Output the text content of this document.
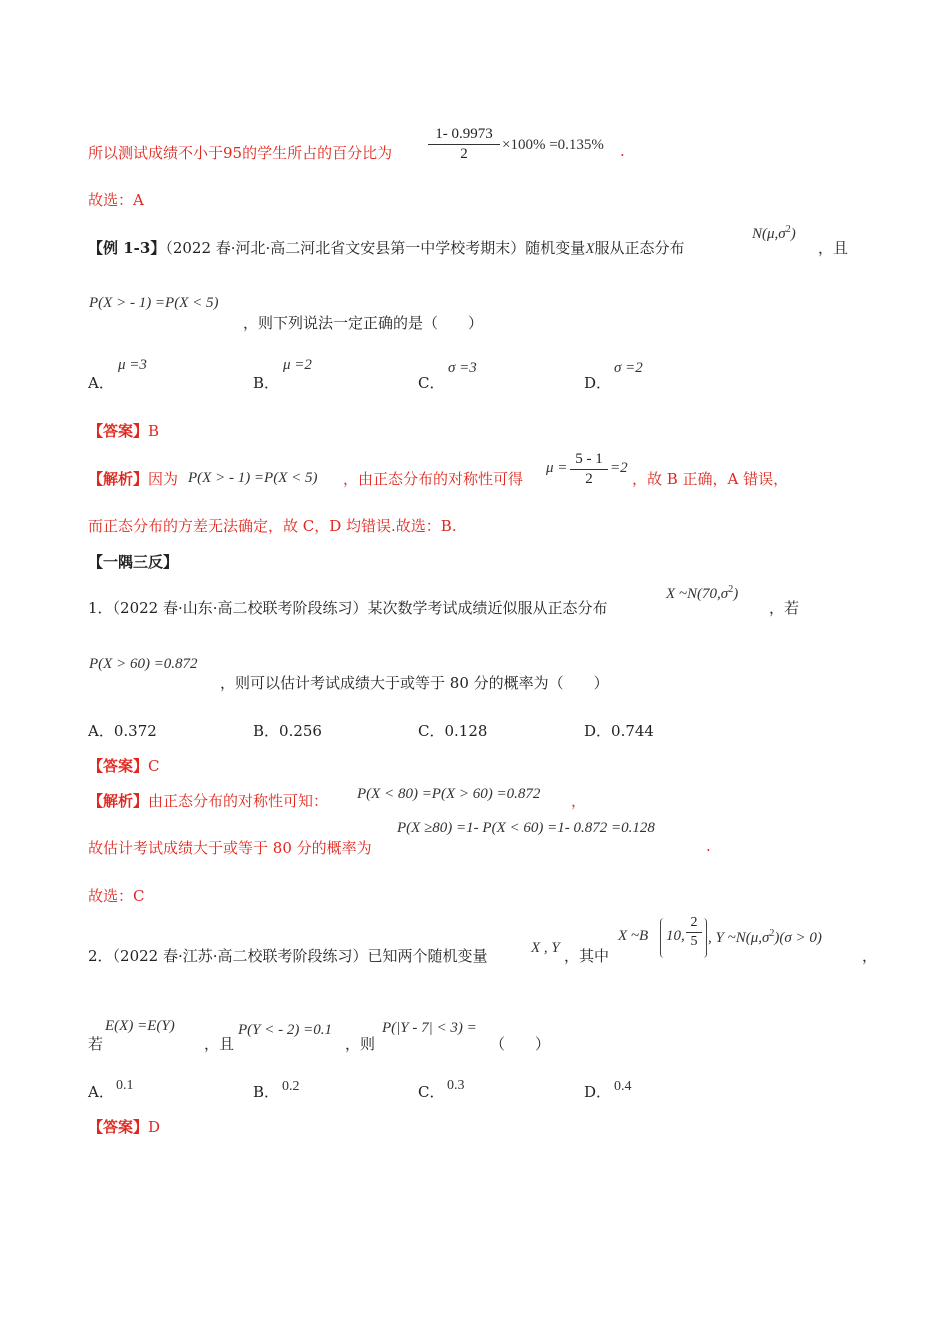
所以测试成绩不小于95的学生所占的百分比为 $\frac{1- 0.9973}{2} \times 100\% =0.135\%$ .
故选：A
【例 1-3】（2022 春·河北·高二河北省文安县第一中学校考期末）随机变量X服从正态分布
$N(\mu,\sigma^2)$
，且
P(X > - 1) =P(X < 5)
，则下列说法一定正确的是（　　）
A．
μ =3
B．
μ =2
C．
σ =3
D．
σ =2
【答案】B
【解析】因为 P(X > - 1) =P(X < 5) ，由正态分布的对称性可得
$\mu = \frac{5 - 1}{2} =2$
，故 B 正确，A 错误，
而正态分布的方差无法确定，故 C，D 均错误.故选：B.
【一隅三反】
1．（2022 春·山东·高二校联考阶段练习）某次数学考试成绩近似服从正态分布
X $\sim N(70,\sigma^2)$
，若
P(X > 60) =0.872
，则可以估计考试成绩大于或等于 80 分的概率为（　　）
A．0.372	B．0.256	C．0.128	D．0.744
【答案】C
【解析】由正态分布的对称性可知： P(X < 80) =P(X > 60) =0.872 ，
P(X ≥80) =1- P(X < 60) =1- 0.872 =0.128
故估计考试成绩大于或等于 80 分的概率为	.
故选：C
2．（2022 春·江苏·高二校联考阶段练习）已知两个随机变量	X , Y ，其中
X ~B 10, $\frac{2}{5}$ , Y $\sim N(\mu,\sigma^2)(\sigma > 0)$
，
若
E(X) =E(Y)
，且
P(Y < - 2) =0.1
，则
P(|Y - 7| < 3) =
（　　）
A． 0.1	B． 0.2	C． 0.3	D． 0.4
【答案】D
